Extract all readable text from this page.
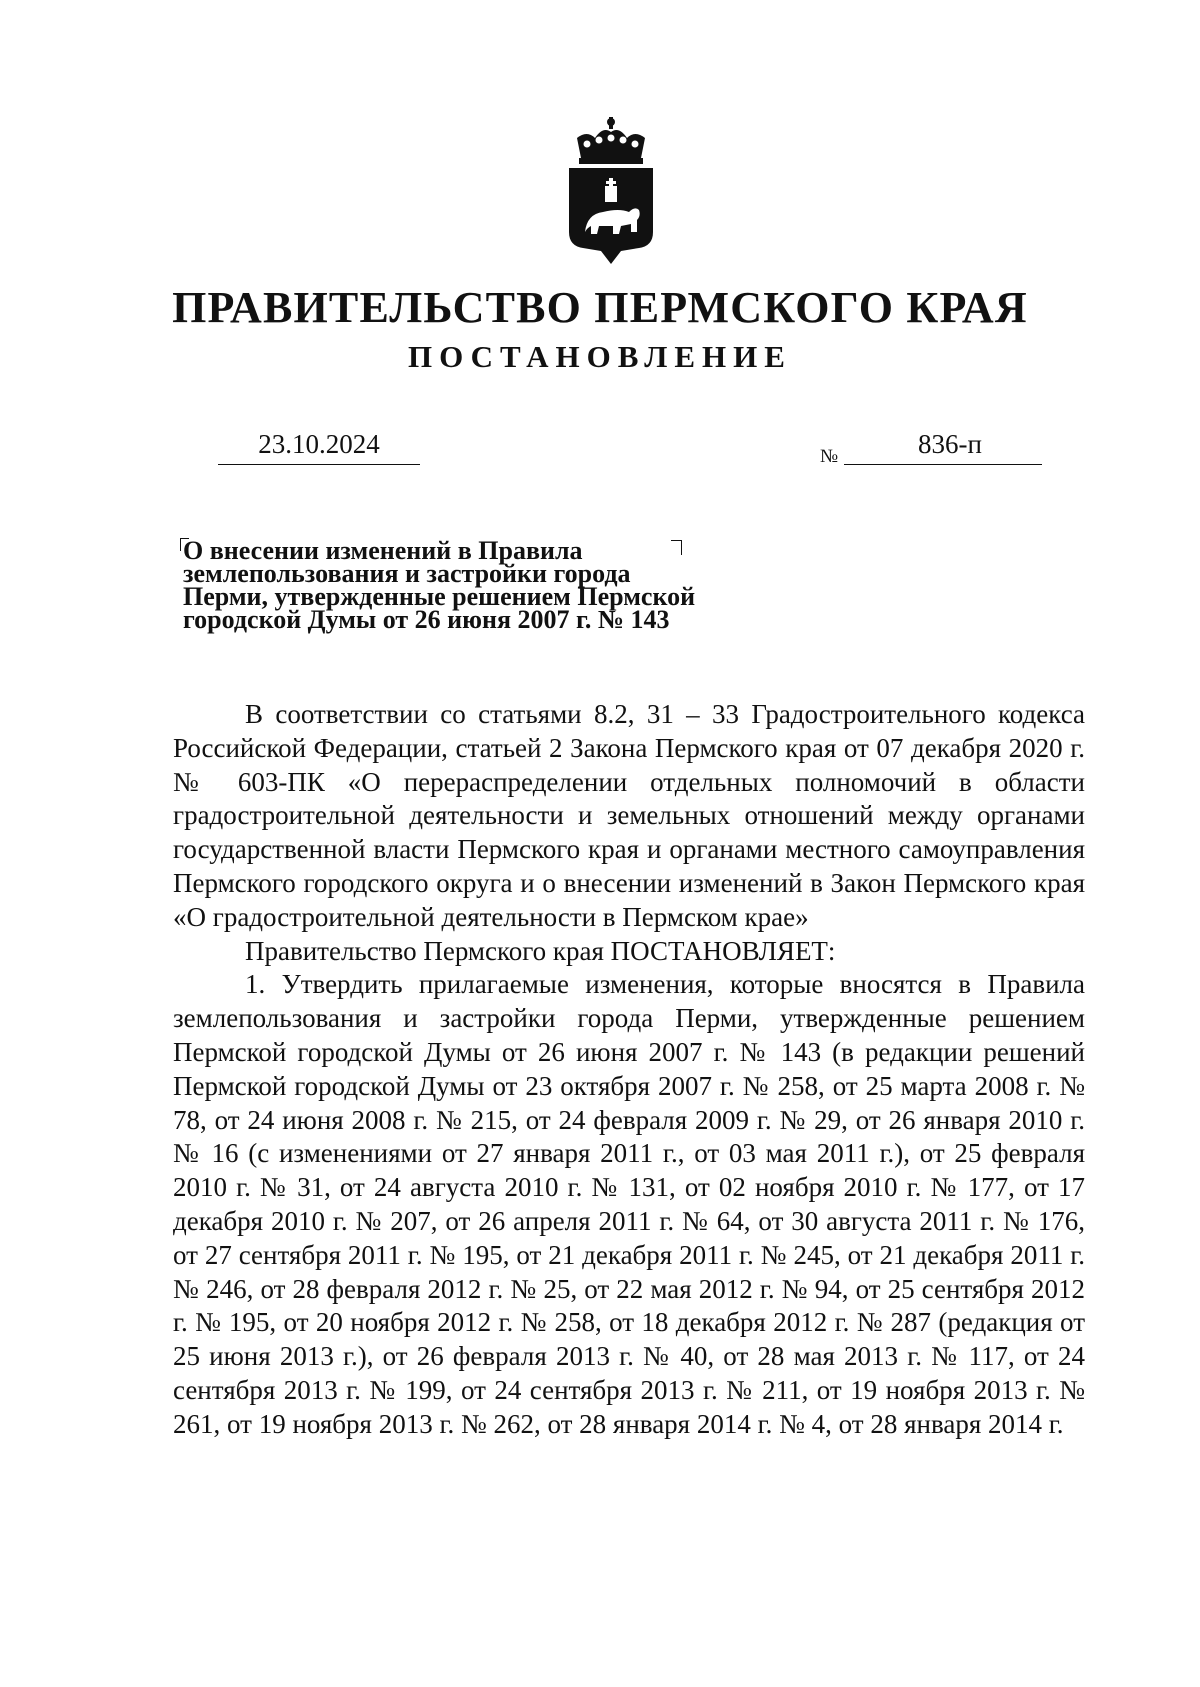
ПРАВИТЕЛЬСТВО ПЕРМСКОГО КРАЯ
ПОСТАНОВЛЕНИЕ
23.10.2024	№	836-п
О внесении изменений в Правила
землепользования и застройки города
Перми, утвержденные решением Пермской
городской Думы от 26 июня 2007 г. № 143

В соответствии со статьями 8.2, 31 – 33 Градостроительного кодекса Российской Федерации, статьей 2 Закона Пермского края от 07 декабря 2020 г. № 603-ПК «О перераспределении отдельных полномочий в области градостроительной деятельности и земельных отношений между органами государственной власти Пермского края и органами местного самоуправления Пермского городского округа и о внесении изменений в Закон Пермского края «О градостроительной деятельности в Пермском крае»

Правительство Пермского края ПОСТАНОВЛЯЕТ:

1. Утвердить прилагаемые изменения, которые вносятся в Правила землепользования и застройки города Перми, утвержденные решением Пермской городской Думы от 26 июня 2007 г. № 143 (в редакции решений Пермской городской Думы от 23 октября 2007 г. № 258, от 25 марта 2008 г. № 78, от 24 июня 2008 г. № 215, от 24 февраля 2009 г. № 29, от 26 января 2010 г. № 16 (с изменениями от 27 января 2011 г., от 03 мая 2011 г.), от 25 февраля 2010 г. № 31, от 24 августа 2010 г. № 131, от 02 ноября 2010 г. № 177, от 17 декабря 2010 г. № 207, от 26 апреля 2011 г. № 64, от 30 августа 2011 г. № 176, от 27 сентября 2011 г. № 195, от 21 декабря 2011 г. № 245, от 21 декабря 2011 г. № 246, от 28 февраля 2012 г. № 25, от 22 мая 2012 г. № 94, от 25 сентября 2012 г. № 195, от 20 ноября 2012 г. № 258, от 18 декабря 2012 г. № 287 (редакция от 25 июня 2013 г.), от 26 февраля 2013 г. № 40, от 28 мая 2013 г. № 117, от 24 сентября 2013 г. № 199, от 24 сентября 2013 г. № 211, от 19 ноября 2013 г. № 261, от 19 ноября 2013 г. № 262, от 28 января 2014 г. № 4, от 28 января 2014 г.
